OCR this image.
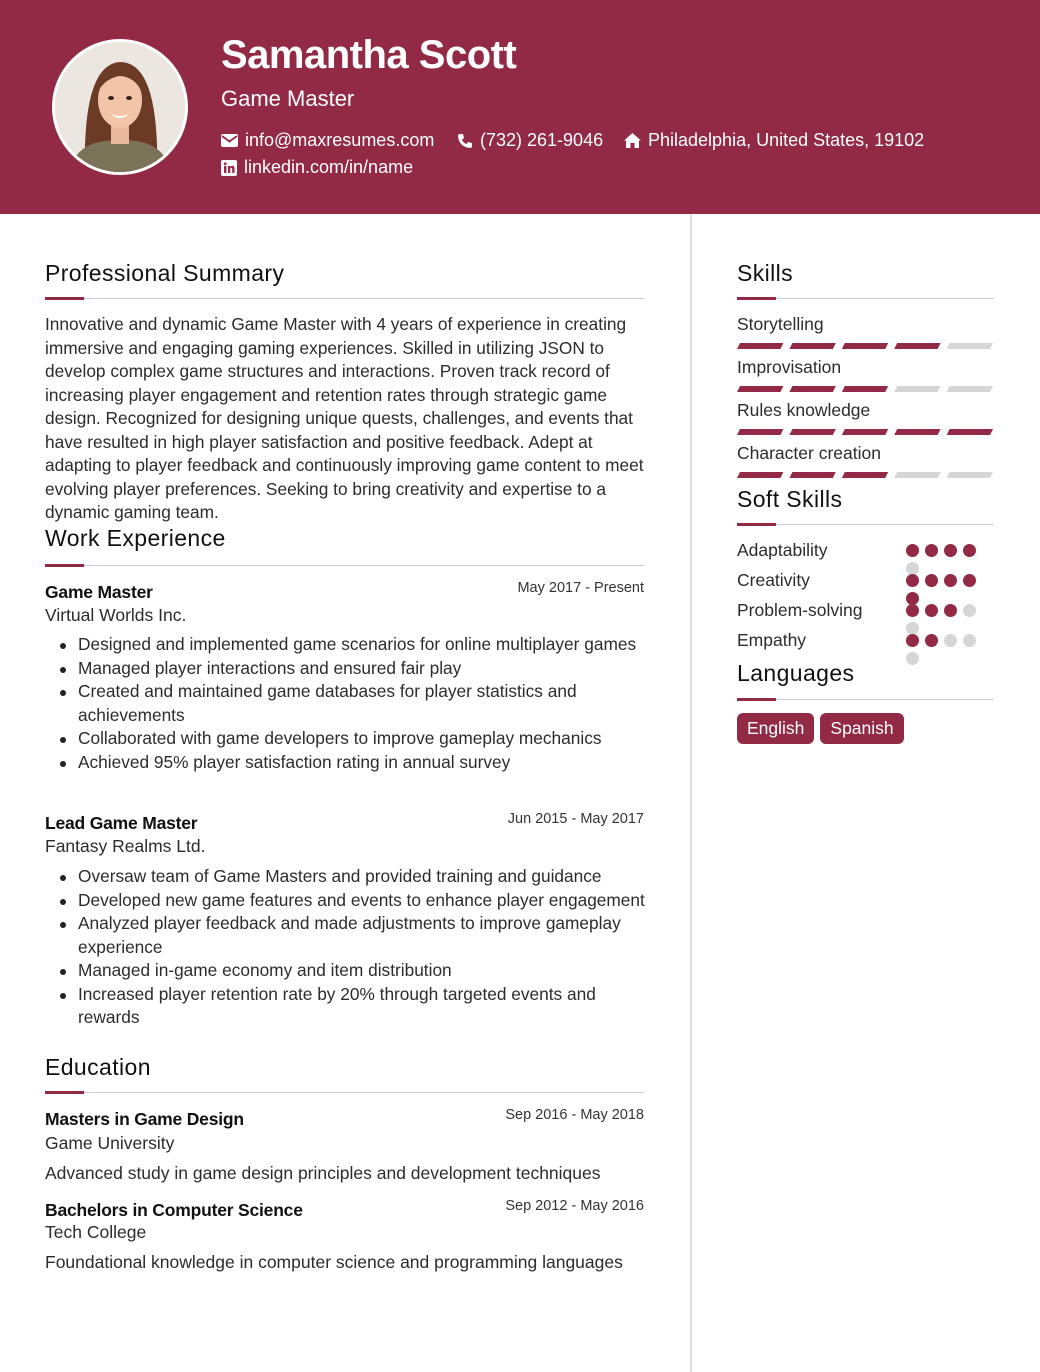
Samantha Scott
Game Master
info@maxresumes.com	(732) 261-9046 Philadelphia, United States, 19102
linkedin.com/in/name
Professional Summary
Innovative and dynamic Game Master with 4 years of experience in creating immersive and engaging gaming experiences. Skilled in utilizing JSON to develop complex game structures and interactions. Proven track record of increasing player engagement and retention rates through strategic game design. Recognized for designing unique quests, challenges, and events that have resulted in high player satisfaction and positive feedback. Adept at adapting to player feedback and continuously improving game content to meet evolving player preferences. Seeking to bring creativity and expertise to a dynamic gaming team.
Work Experience
Game Master	May 2017 - Present
Virtual Worlds Inc.
Designed and implemented game scenarios for online multiplayer games
Managed player interactions and ensured fair play
Created and maintained game databases for player statistics and achievements
Collaborated with game developers to improve gameplay mechanics
Achieved 95% player satisfaction rating in annual survey
Lead Game Master	Jun 2015 - May 2017
Fantasy Realms Ltd.
Oversaw team of Game Masters and provided training and guidance
Developed new game features and events to enhance player engagement
Analyzed player feedback and made adjustments to improve gameplay experience
Managed in-game economy and item distribution
Increased player retention rate by 20% through targeted events and rewards
Education
Masters in Game Design	Sep 2016 - May 2018
Game University
Advanced study in game design principles and development techniques
Bachelors in Computer Science	Sep 2012 - May 2016
Tech College
Foundational knowledge in computer science and programming languages
Skills
Storytelling
Improvisation
Rules knowledge
Character creation
Soft Skills
Adaptability
Creativity
Problem-solving
Empathy
Languages
English	Spanish
